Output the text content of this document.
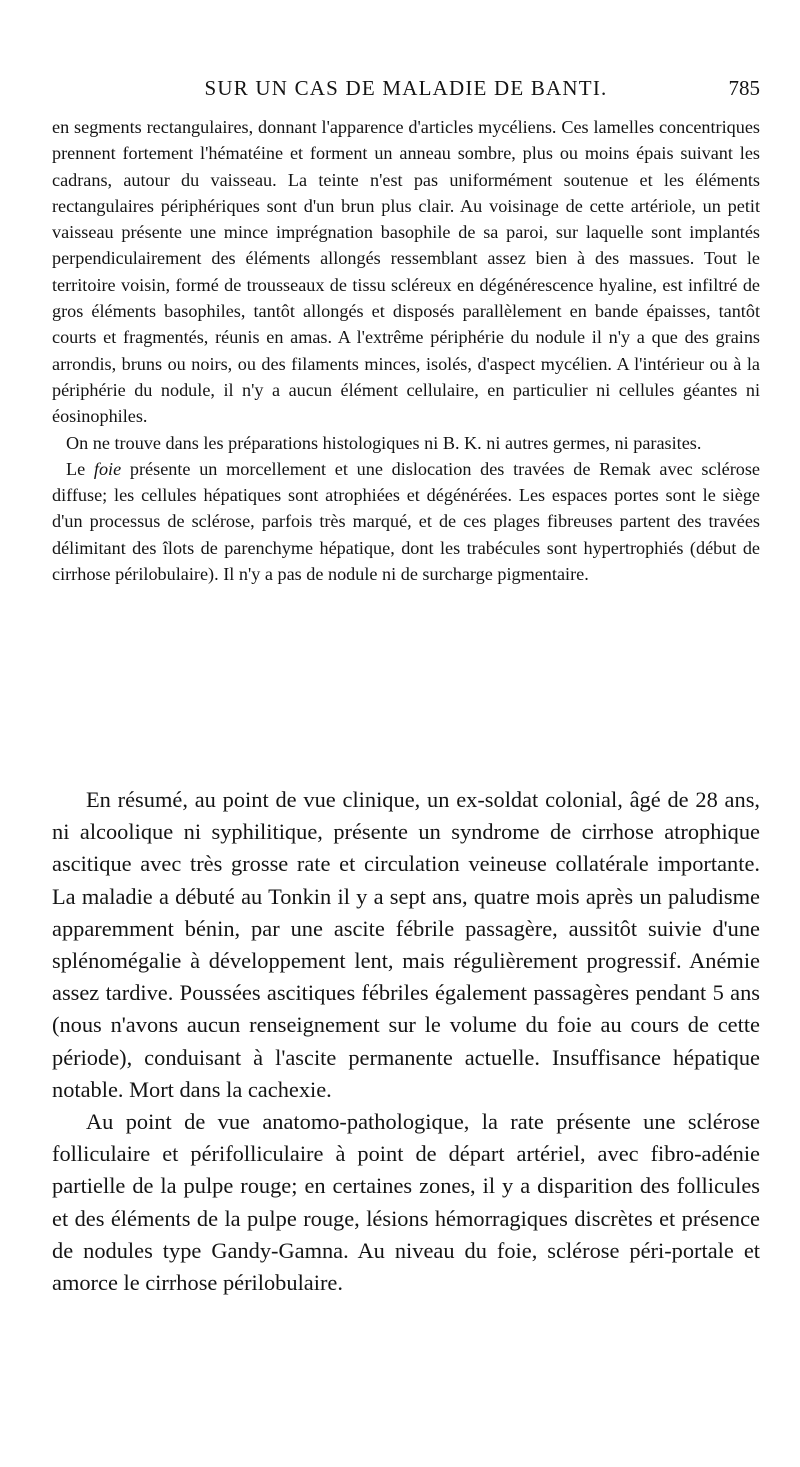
SUR UN CAS DE MALADIE DE BANTI.	785

en segments rectangulaires, donnant l'apparence d'articles mycéliens. Ces lamelles concentriques prennent fortement l'hématéine et forment un anneau sombre, plus ou moins épais suivant les cadrans, autour du vaisseau. La teinte n'est pas uniformément soutenue et les éléments rectangulaires périphériques sont d'un brun plus clair. Au voisinage de cette artériole, un petit vaisseau présente une mince imprégnation basophile de sa paroi, sur laquelle sont implantés perpendiculairement des éléments allongés ressemblant assez bien à des massues. Tout le territoire voisin, formé de trousseaux de tissu scléreux en dégénérescence hyaline, est infiltré de gros éléments basophiles, tantôt allongés et disposés parallèlement en bande épaisses, tantôt courts et fragmentés, réunis en amas. A l'extrême périphérie du nodule il n'y a que des grains arrondis, bruns ou noirs, ou des filaments minces, isolés, d'aspect mycélien. A l'intérieur ou à la périphérie du nodule, il n'y a aucun élément cellulaire, en particulier ni cellules géantes ni éosinophiles.

On ne trouve dans les préparations histologiques ni B. K. ni autres germes, ni parasites.

Le foie présente un morcellement et une dislocation des travées de Remak avec sclérose diffuse; les cellules hépatiques sont atrophiées et dégénérées. Les espaces portes sont le siège d'un processus de sclérose, parfois très marqué, et de ces plages fibreuses partent des travées délimitant des îlots de parenchyme hépatique, dont les trabécules sont hypertrophiés (début de cirrhose périlobulaire). Il n'y a pas de nodule ni de surcharge pigmentaire.

En résumé, au point de vue clinique, un ex-soldat colonial, âgé de 28 ans, ni alcoolique ni syphilitique, présente un syndrome de cirrhose atrophique ascitique avec très grosse rate et circulation veineuse collatérale importante. La maladie a débuté au Tonkin il y a sept ans, quatre mois après un paludisme apparemment bénin, par une ascite fébrile passagère, aussitôt suivie d'une splénomégalie à développement lent, mais régulièrement progressif. Anémie assez tardive. Poussées ascitiques fébriles également passagères pendant 5 ans (nous n'avons aucun renseignement sur le volume du foie au cours de cette période), conduisant à l'ascite permanente actuelle. Insuffisance hépatique notable. Mort dans la cachexie.

Au point de vue anatomo-pathologique, la rate présente une sclérose folliculaire et périfolliculaire à point de départ artériel, avec fibro-adénie partielle de la pulpe rouge; en certaines zones, il y a disparition des follicules et des éléments de la pulpe rouge, lésions hémorragiques discrètes et présence de nodules type Gandy-Gamna. Au niveau du foie, sclérose péri-portale et amorce le cirrhose périlobulaire.
